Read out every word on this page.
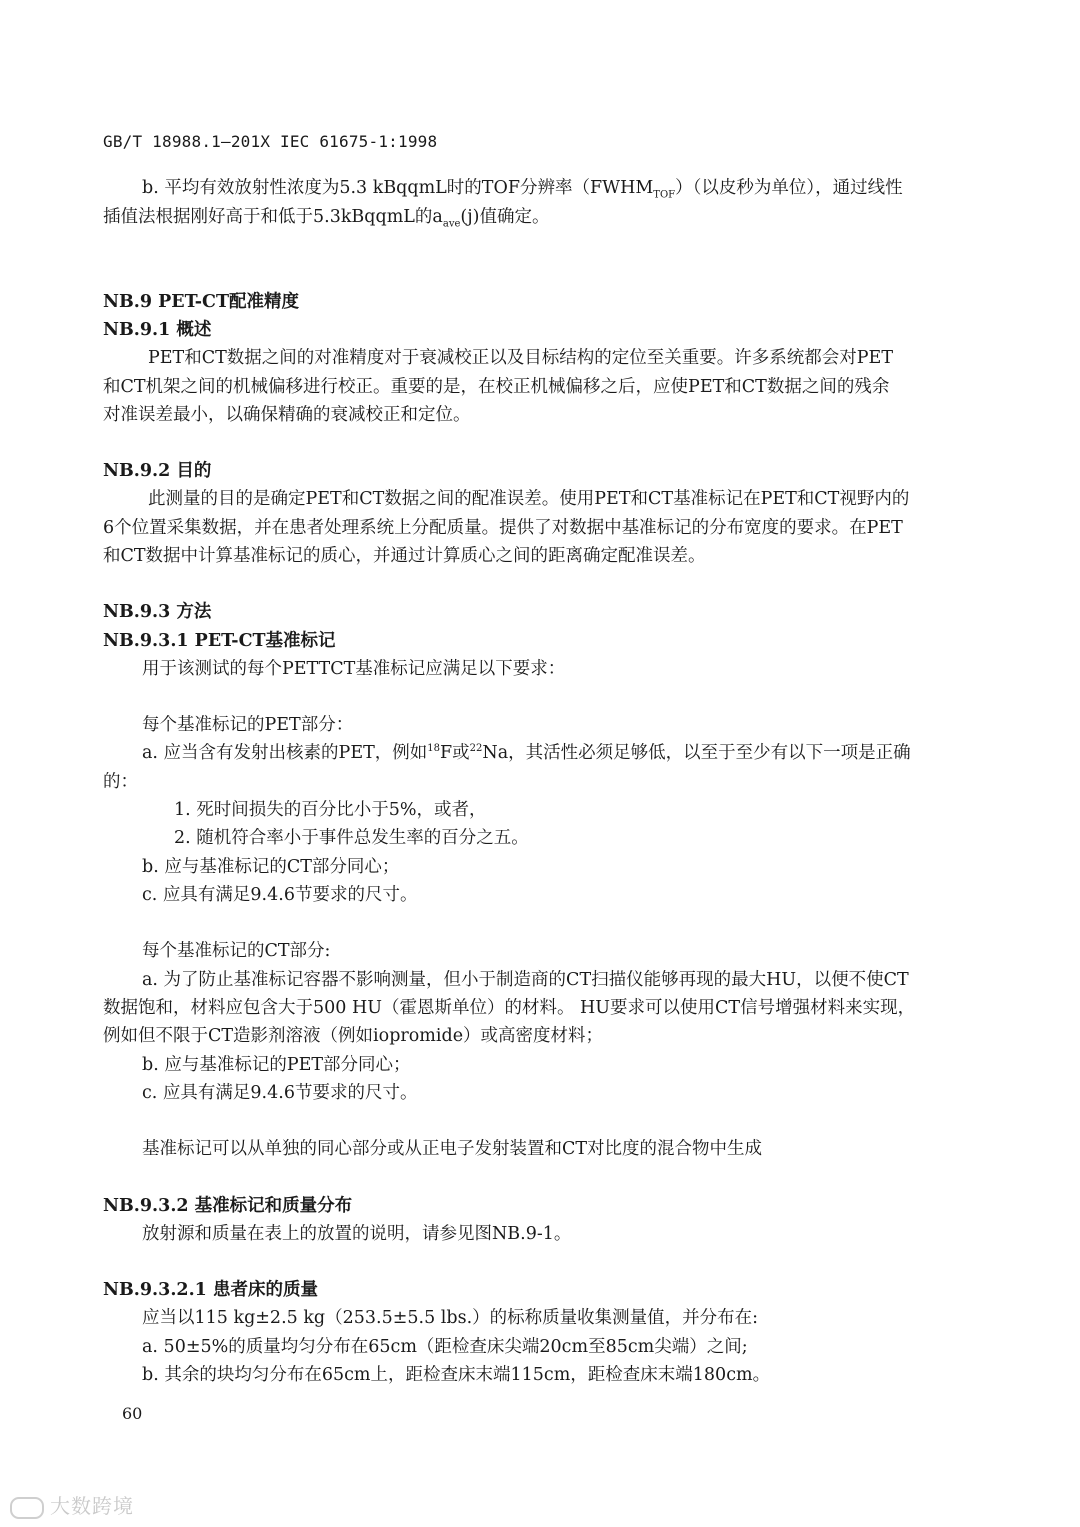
GB/T 18988.1—201X IEC 61675-1:1998
b. 平均有效放射性浓度为5.3 kBqqmL时的TOF分辨率$(FWHM_{TOF})$（以皮秒为单位），通过线性
插值法根据刚好高于和低于5.3kBqqmL的$a_{ave}(j)$值确定。
NB.9 PET-CT配准精度
NB.9.1 概述
PET和CT数据之间的对准精度对于衰减校正以及目标结构的定位至关重要。许多系统都会对PET
和CT机架之间的机械偏移进行校正。重要的是，在校正机械偏移之后，应使PET和CT数据之间的残余
对准误差最小，以确保精确的衰减校正和定位。
NB.9.2 目的
此测量的目的是确定PET和CT数据之间的配准误差。使用PET和CT基准标记在PET和CT视野内的
6个位置采集数据，并在患者处理系统上分配质量。提供了对数据中基准标记的分布宽度的要求。在PET
和CT数据中计算基准标记的质心，并通过计算质心之间的距离确定配准误差。
NB.9.3 方法
NB.9.3.1 PET-CT基准标记
用于该测试的每个PETTCT基准标记应满足以下要求：
每个基准标记的PET部分：
a. 应当含有发射出核素的PET，例如$^{18}$F或$^{22}$Na，其活性必须足够低，以至于至少有以下一项是正确
的：
1. 死时间损失的百分比小于5%，或者，
2. 随机符合率小于事件总发生率的百分之五。
b. 应与基准标记的CT部分同心；
c. 应具有满足9.4.6节要求的尺寸。
每个基准标记的CT部分:
a. 为了防止基准标记容器不影响测量，但小于制造商的CT扫描仪能够再现的最大HU，以便不使CT
数据饱和，材料应包含大于500 HU（霍恩斯单位）的材料。 HU要求可以使用CT信号增强材料来实现，
例如但不限于CT造影剂溶液（例如iopromide）或高密度材料；
b. 应与基准标记的PET部分同心；
c. 应具有满足9.4.6节要求的尺寸。
基准标记可以从单独的同心部分或从正电子发射装置和CT对比度的混合物中生成
NB.9.3.2 基准标记和质量分布
放射源和质量在表上的放置的说明，请参见图NB.9-1。
NB.9.3.2.1 患者床的质量
应当以115 kg±2.5 kg（253.5±5.5 lbs.）的标称质量收集测量值，并分布在:
a. 50±5%的质量均匀分布在65cm（距检查床尖端20cm至85cm尖端）之间;
b. 其余的块均匀分布在65cm上，距检查床末端115cm，距检查床末端180cm。
60
大数跨境
